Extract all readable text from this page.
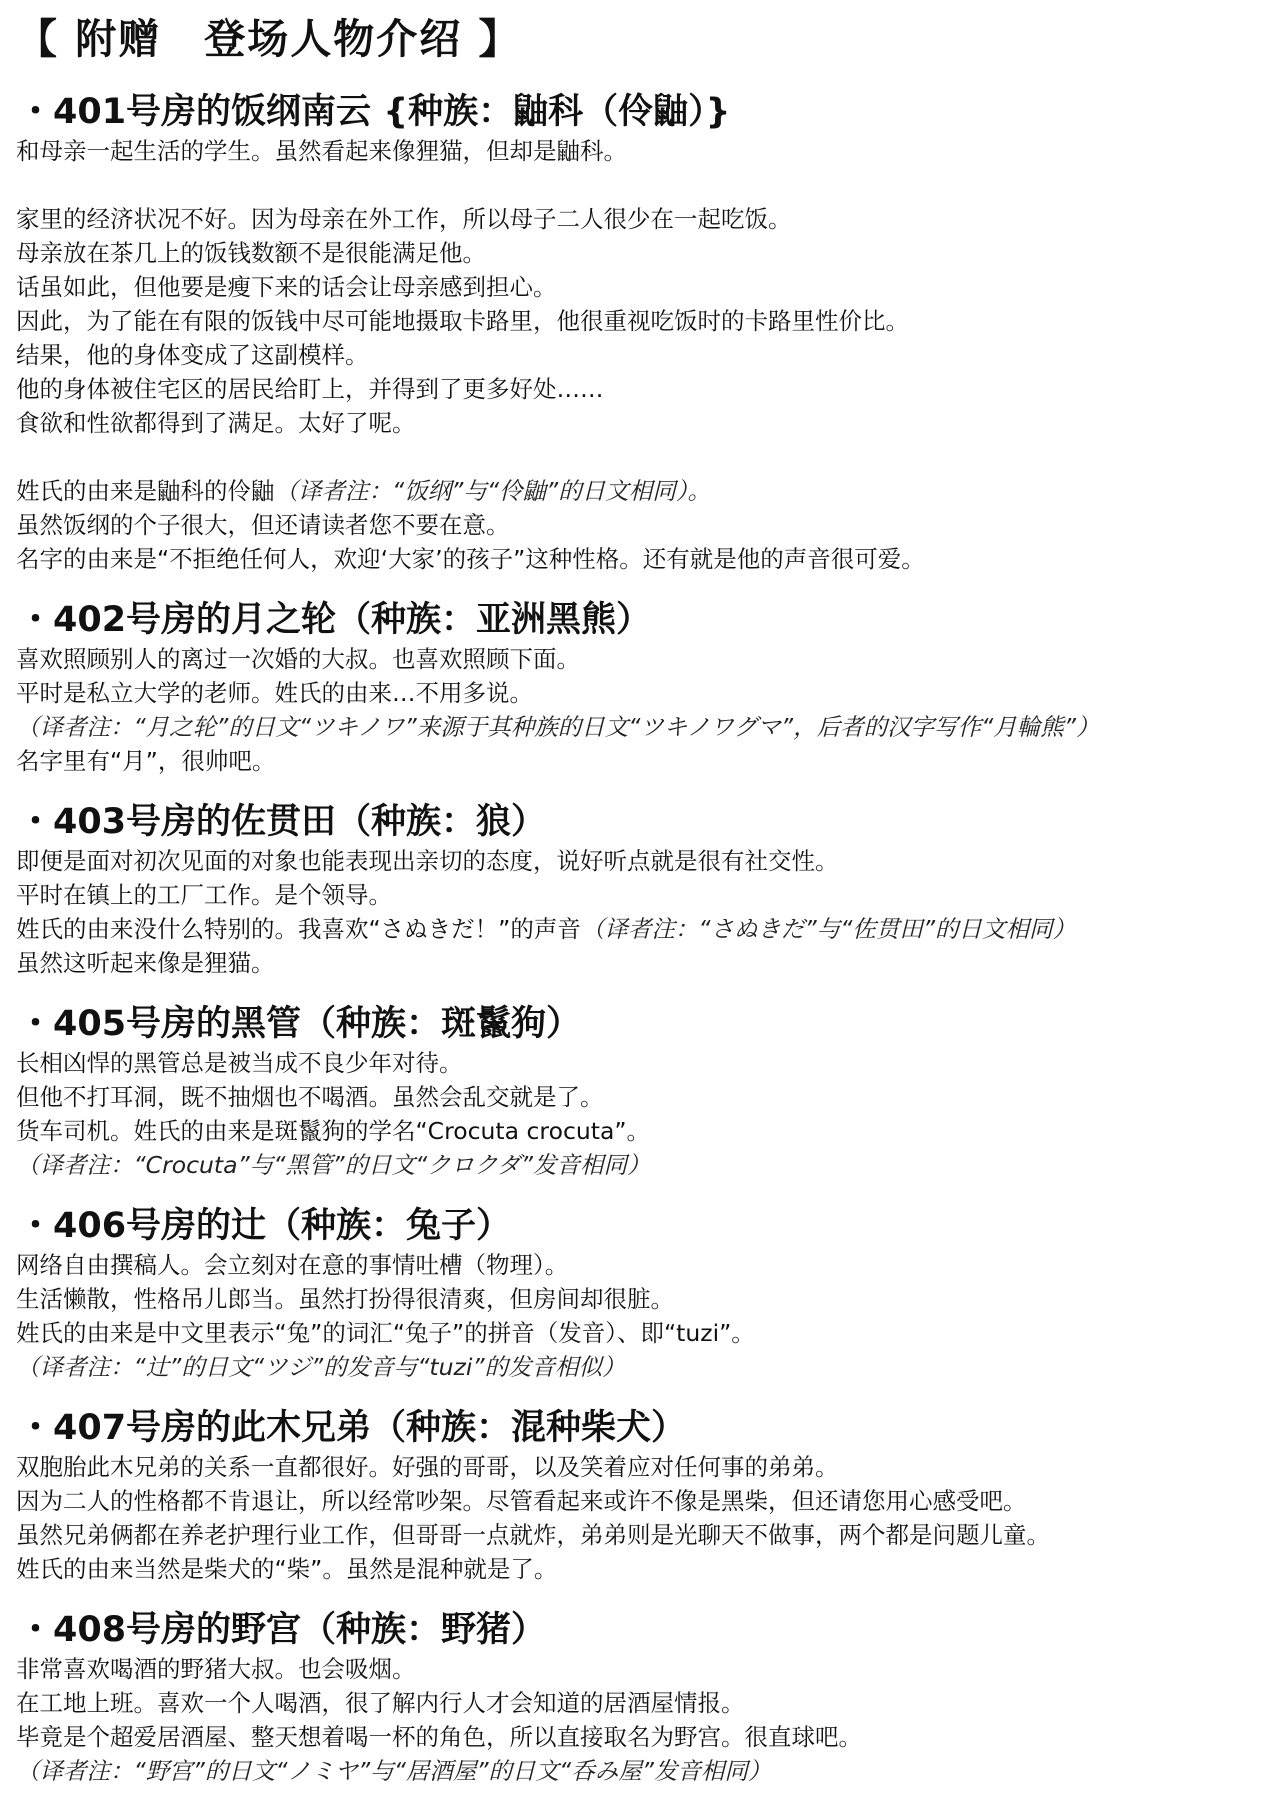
【 附赠　登场人物介绍 】
・401号房的饭纲南云 {种族：鼬科（伶鼬）}
和母亲一起生活的学生。虽然看起来像狸猫，但却是鼬科。
家里的经济状况不好。因为母亲在外工作，所以母子二人很少在一起吃饭。
母亲放在茶几上的饭钱数额不是很能满足他。
话虽如此，但他要是瘦下来的话会让母亲感到担心。
因此，为了能在有限的饭钱中尽可能地摄取卡路里，他很重视吃饭时的卡路里性价比。
结果，他的身体变成了这副模样。
他的身体被住宅区的居民给盯上，并得到了更多好处……
食欲和性欲都得到了满足。太好了呢。
姓氏的由来是鼬科的伶鼬（译者注：“饭纲”与“伶鼬”的日文相同）。
虽然饭纲的个子很大，但还请读者您不要在意。
名字的由来是“不拒绝任何人，欢迎‘大家’的孩子”这种性格。还有就是他的声音很可爱。
・402号房的月之轮（种族：亚洲黑熊）
喜欢照顾别人的离过一次婚的大叔。也喜欢照顾下面。
平时是私立大学的老师。姓氏的由来…不用多说。
（译者注：“月之轮”的日文“ツキノワ”来源于其种族的日文“ツキノワグマ”，后者的汉字写作“月輪熊”）
名字里有“月”，很帅吧。
・403号房的佐贯田（种族：狼）
即便是面对初次见面的对象也能表现出亲切的态度，说好听点就是很有社交性。
平时在镇上的工厂工作。是个领导。
姓氏的由来没什么特别的。我喜欢“さぬきだ！”的声音（译者注：“さぬきだ”与“佐贯田”的日文相同）
虽然这听起来像是狸猫。
・405号房的黑管（种族：斑鬣狗）
长相凶悍的黑管总是被当成不良少年对待。
但他不打耳洞，既不抽烟也不喝酒。虽然会乱交就是了。
货车司机。姓氏的由来是斑鬣狗的学名“Crocuta crocuta”。
（译者注：“Crocuta”与“黑管”的日文“クロクダ”发音相同）
・406号房的辻（种族：兔子）
网络自由撰稿人。会立刻对在意的事情吐槽（物理）。
生活懒散，性格吊儿郎当。虽然打扮得很清爽，但房间却很脏。
姓氏的由来是中文里表示“兔”的词汇“兔子”的拼音（发音）、即“tuzi”。
（译者注：“辻”的日文“ツジ”的发音与“tuzi”的发音相似）
・407号房的此木兄弟（种族：混种柴犬）
双胞胎此木兄弟的关系一直都很好。好强的哥哥，以及笑着应对任何事的弟弟。
因为二人的性格都不肯退让，所以经常吵架。尽管看起来或许不像是黑柴，但还请您用心感受吧。
虽然兄弟俩都在养老护理行业工作，但哥哥一点就炸，弟弟则是光聊天不做事，两个都是问题儿童。
姓氏的由来当然是柴犬的“柴”。虽然是混种就是了。
・408号房的野宫（种族：野猪）
非常喜欢喝酒的野猪大叔。也会吸烟。
在工地上班。喜欢一个人喝酒，很了解内行人才会知道的居酒屋情报。
毕竟是个超爱居酒屋、整天想着喝一杯的角色，所以直接取名为野宫。很直球吧。
（译者注：“野宫”的日文“ノミヤ”与“居酒屋”的日文“呑み屋”发音相同）
